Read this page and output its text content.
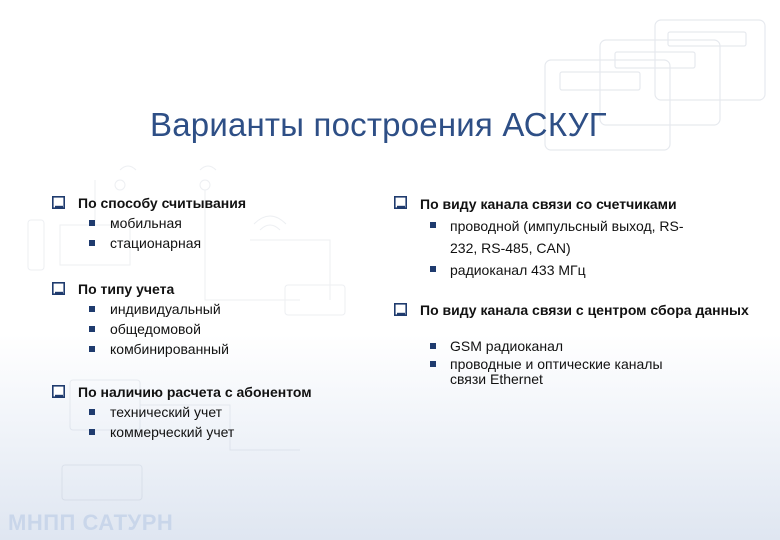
Варианты построения АСКУГ
По способу считывания
мобильная
стационарная
По типу учета
индивидуальный
общедомовой
комбинированный
По наличию расчета с абонентом
технический учет
коммерческий учет
По виду канала связи со счетчиками
проводной (импульсный выход, RS-232, RS-485, CAN)
радиоканал 433 МГц
По виду канала связи с центром сбора данных
GSM радиоканал
проводные и оптические каналы связи Ethernet
МНПП САТУРН
